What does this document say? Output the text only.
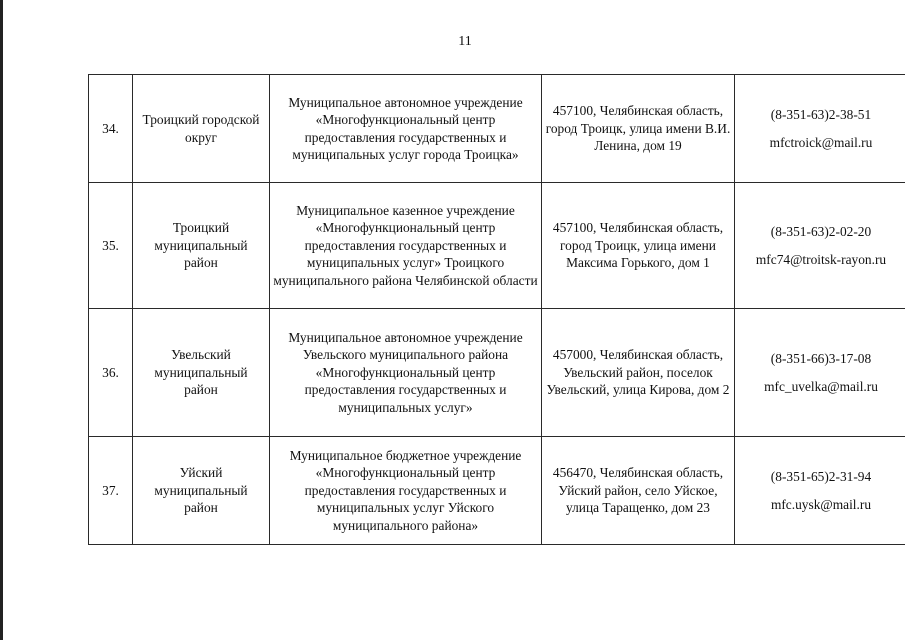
11
34.	Троицкий городской округ	Муниципальное автономное учреждение «Многофункциональный центр предоставления государственных и муниципальных услуг города Троицка»	457100, Челябинская область, город Троицк, улица имени В.И. Ленина, дом 19	(8-351-63)2-38-51
mfctroick@mail.ru

35.	Троицкий муниципальный район	Муниципальное казенное учреждение «Многофункциональный центр предоставления государственных и муниципальных услуг» Троицкого муниципального района Челябинской области	457100, Челябинская область, город Троицк, улица имени Максима Горького, дом 1	(8-351-63)2-02-20
mfc74@troitsk-rayon.ru

36.	Увельский муниципальный район	Муниципальное автономное учреждение Увельского муниципального района «Многофункциональный центр предоставления государственных и муниципальных услуг»	457000, Челябинская область, Увельский район, поселок Увельский, улица Кирова, дом 2	(8-351-66)3-17-08
mfc_uvelka@mail.ru

37.	Уйский муниципальный район	Муниципальное бюджетное учреждение «Многофункциональный центр предоставления государственных и муниципальных услуг Уйского муниципального района»	456470, Челябинская область, Уйский район, село Уйское, улица Таращенко, дом 23	(8-351-65)2-31-94
mfc.uysk@mail.ru
